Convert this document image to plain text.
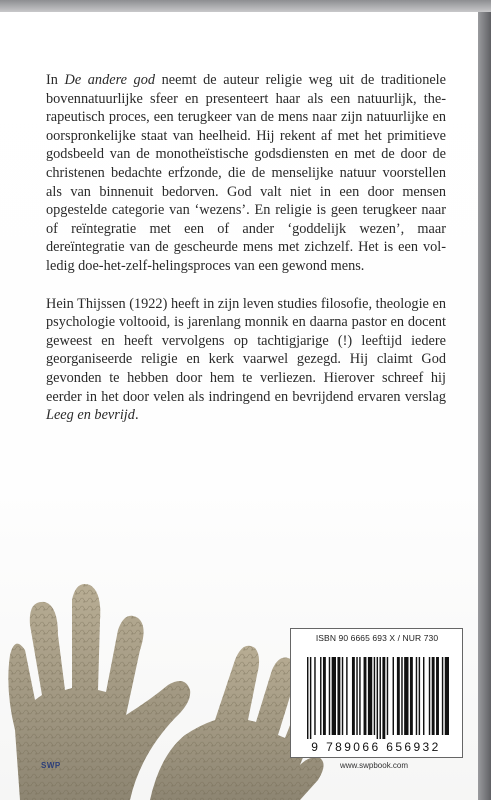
In De andere god neemt de auteur religie weg uit de traditionele bovennatuurlijke sfeer en presenteert haar als een natuurlijk, therapeutisch proces, een terugkeer van de mens naar zijn natuurlijke en oorspronkelijke staat van heelheid. Hij rekent af met het primitieve godsbeeld van de monotheïstische godsdiensten en met de door de christenen bedachte erfzonde, die de menselijke natuur voorstellen als van binnenuit bedorven. God valt niet in een door mensen opgestelde categorie van ‘wezens’. En religie is geen terugkeer naar of reïntegratie met een of ander ‘goddelijk wezen’, maar dereïntegratie van de gescheurde mens met zichzelf. Het is een volledig doe-het-zelf-helingsproces van een gewond mens.

Hein Thijssen (1922) heeft in zijn leven studies filosofie, theologie en psychologie voltooid, is jarenlang monnik en daarna pastor en docent geweest en heeft vervolgens op tachtigjarige (!) leeftijd iedere georganiseerde religie en kerk vaarwel gezegd. Hij claimt God gevonden te hebben door hem te verliezen. Hierover schreef hij eerder in het door velen als indringend en bevrijdend ervaren verslag Leeg en bevrijd.

ISBN 90 6665 693 X / NUR 730
9 789066 656932
SWP	www.swpbook.com
